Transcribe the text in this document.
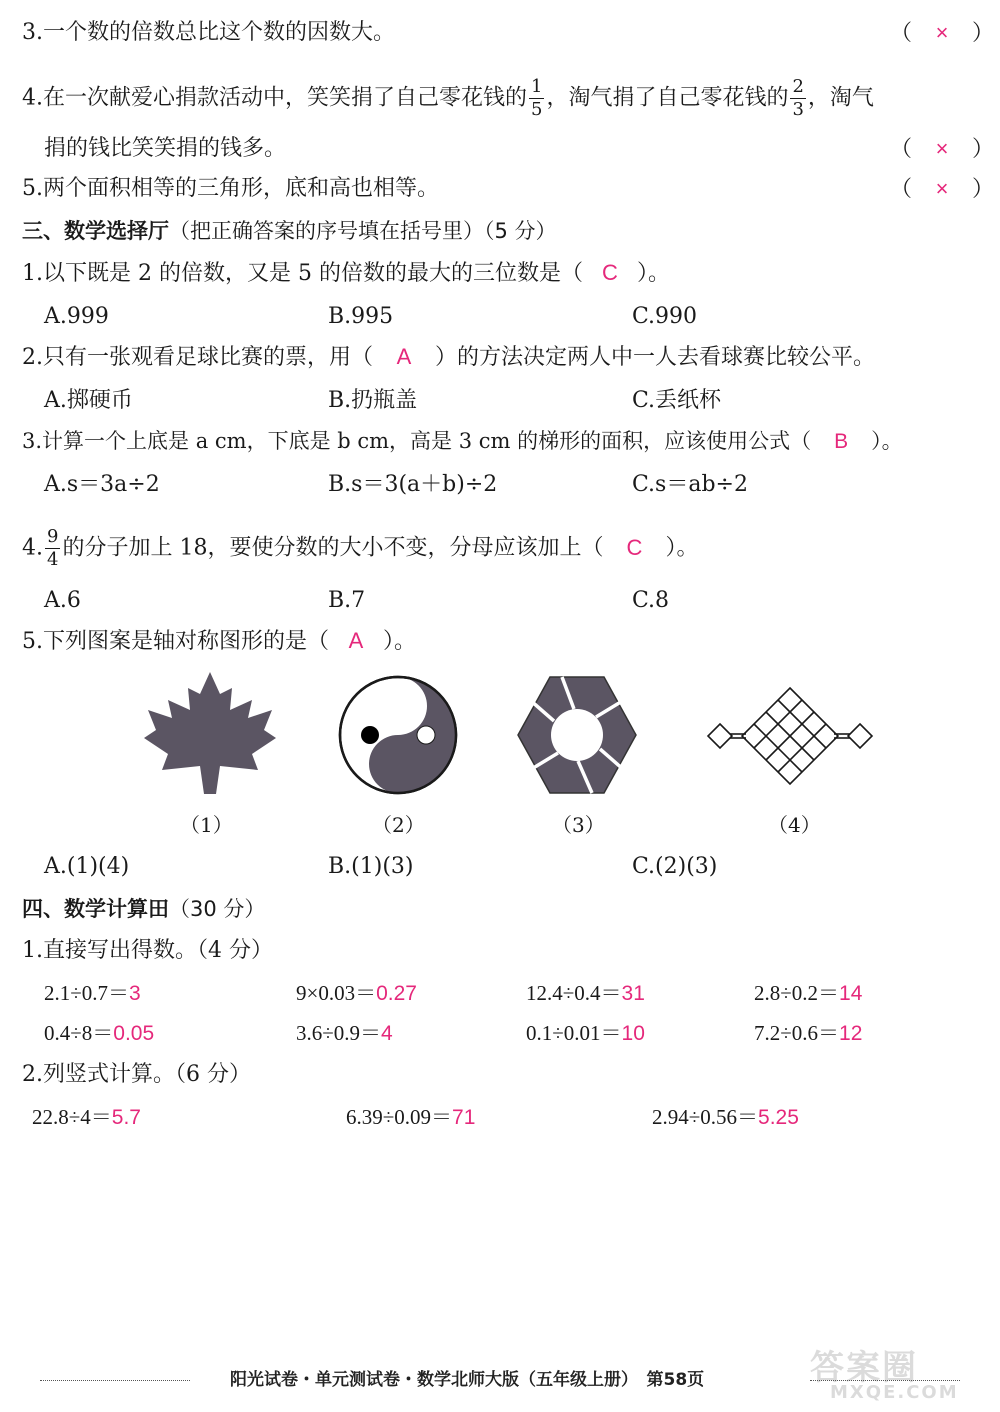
3.一个数的倍数总比这个数的因数大。	（ × ）
4.在一次献爱心捐款活动中，笑笑捐了自己零花钱的 $\frac{1}{5}$ ，淘气捐了自己零花钱的 $\frac{2}{3}$ ，淘气
捐的钱比笑笑捐的钱多。	（ × ）
5.两个面积相等的三角形，底和高也相等。	（ × ）
三、数学选择厅（把正确答案的序号填在括号里）（5 分）
1.以下既是 2 的倍数，又是 5 的倍数的最大的三位数是（ C ）。
A.999	B.995	C.990
2.只有一张观看足球比赛的票，用（ A ）的方法决定两人中一人去看球赛比较公平。
A.掷硬币	B.扔瓶盖	C.丢纸杯
3.计算一个上底是 a cm，下底是 b cm，高是 3 cm 的梯形的面积，应该使用公式（ B ）。
A.s＝3a÷2	B.s＝3(a＋b)÷2	C.s＝ab÷2
4. $\frac{9}{4}$ 的分子加上 18，要使分数的大小不变，分母应该加上（ C ）。
A.6	B.7	C.8
5.下列图案是轴对称图形的是（ A ）。
（1）	（2）	（3）	（4）
A.(1)(4)	B.(1)(3)	C.(2)(3)
四、数学计算田（30 分）
1.直接写出得数。（4 分）
2.1÷0.7＝3	9×0.03＝0.27	12.4÷0.4＝31	2.8÷0.2＝14
0.4÷8＝0.05	3.6÷0.9＝4	0.1÷0.01＝10	7.2÷0.6＝12
2.列竖式计算。（6 分）
22.8÷4＝5.7	6.39÷0.09＝71	2.94÷0.56＝5.25
答案圈
MXQE.COM
阳光试卷・单元测试卷・数学北师大版（五年级上册）　第58页
